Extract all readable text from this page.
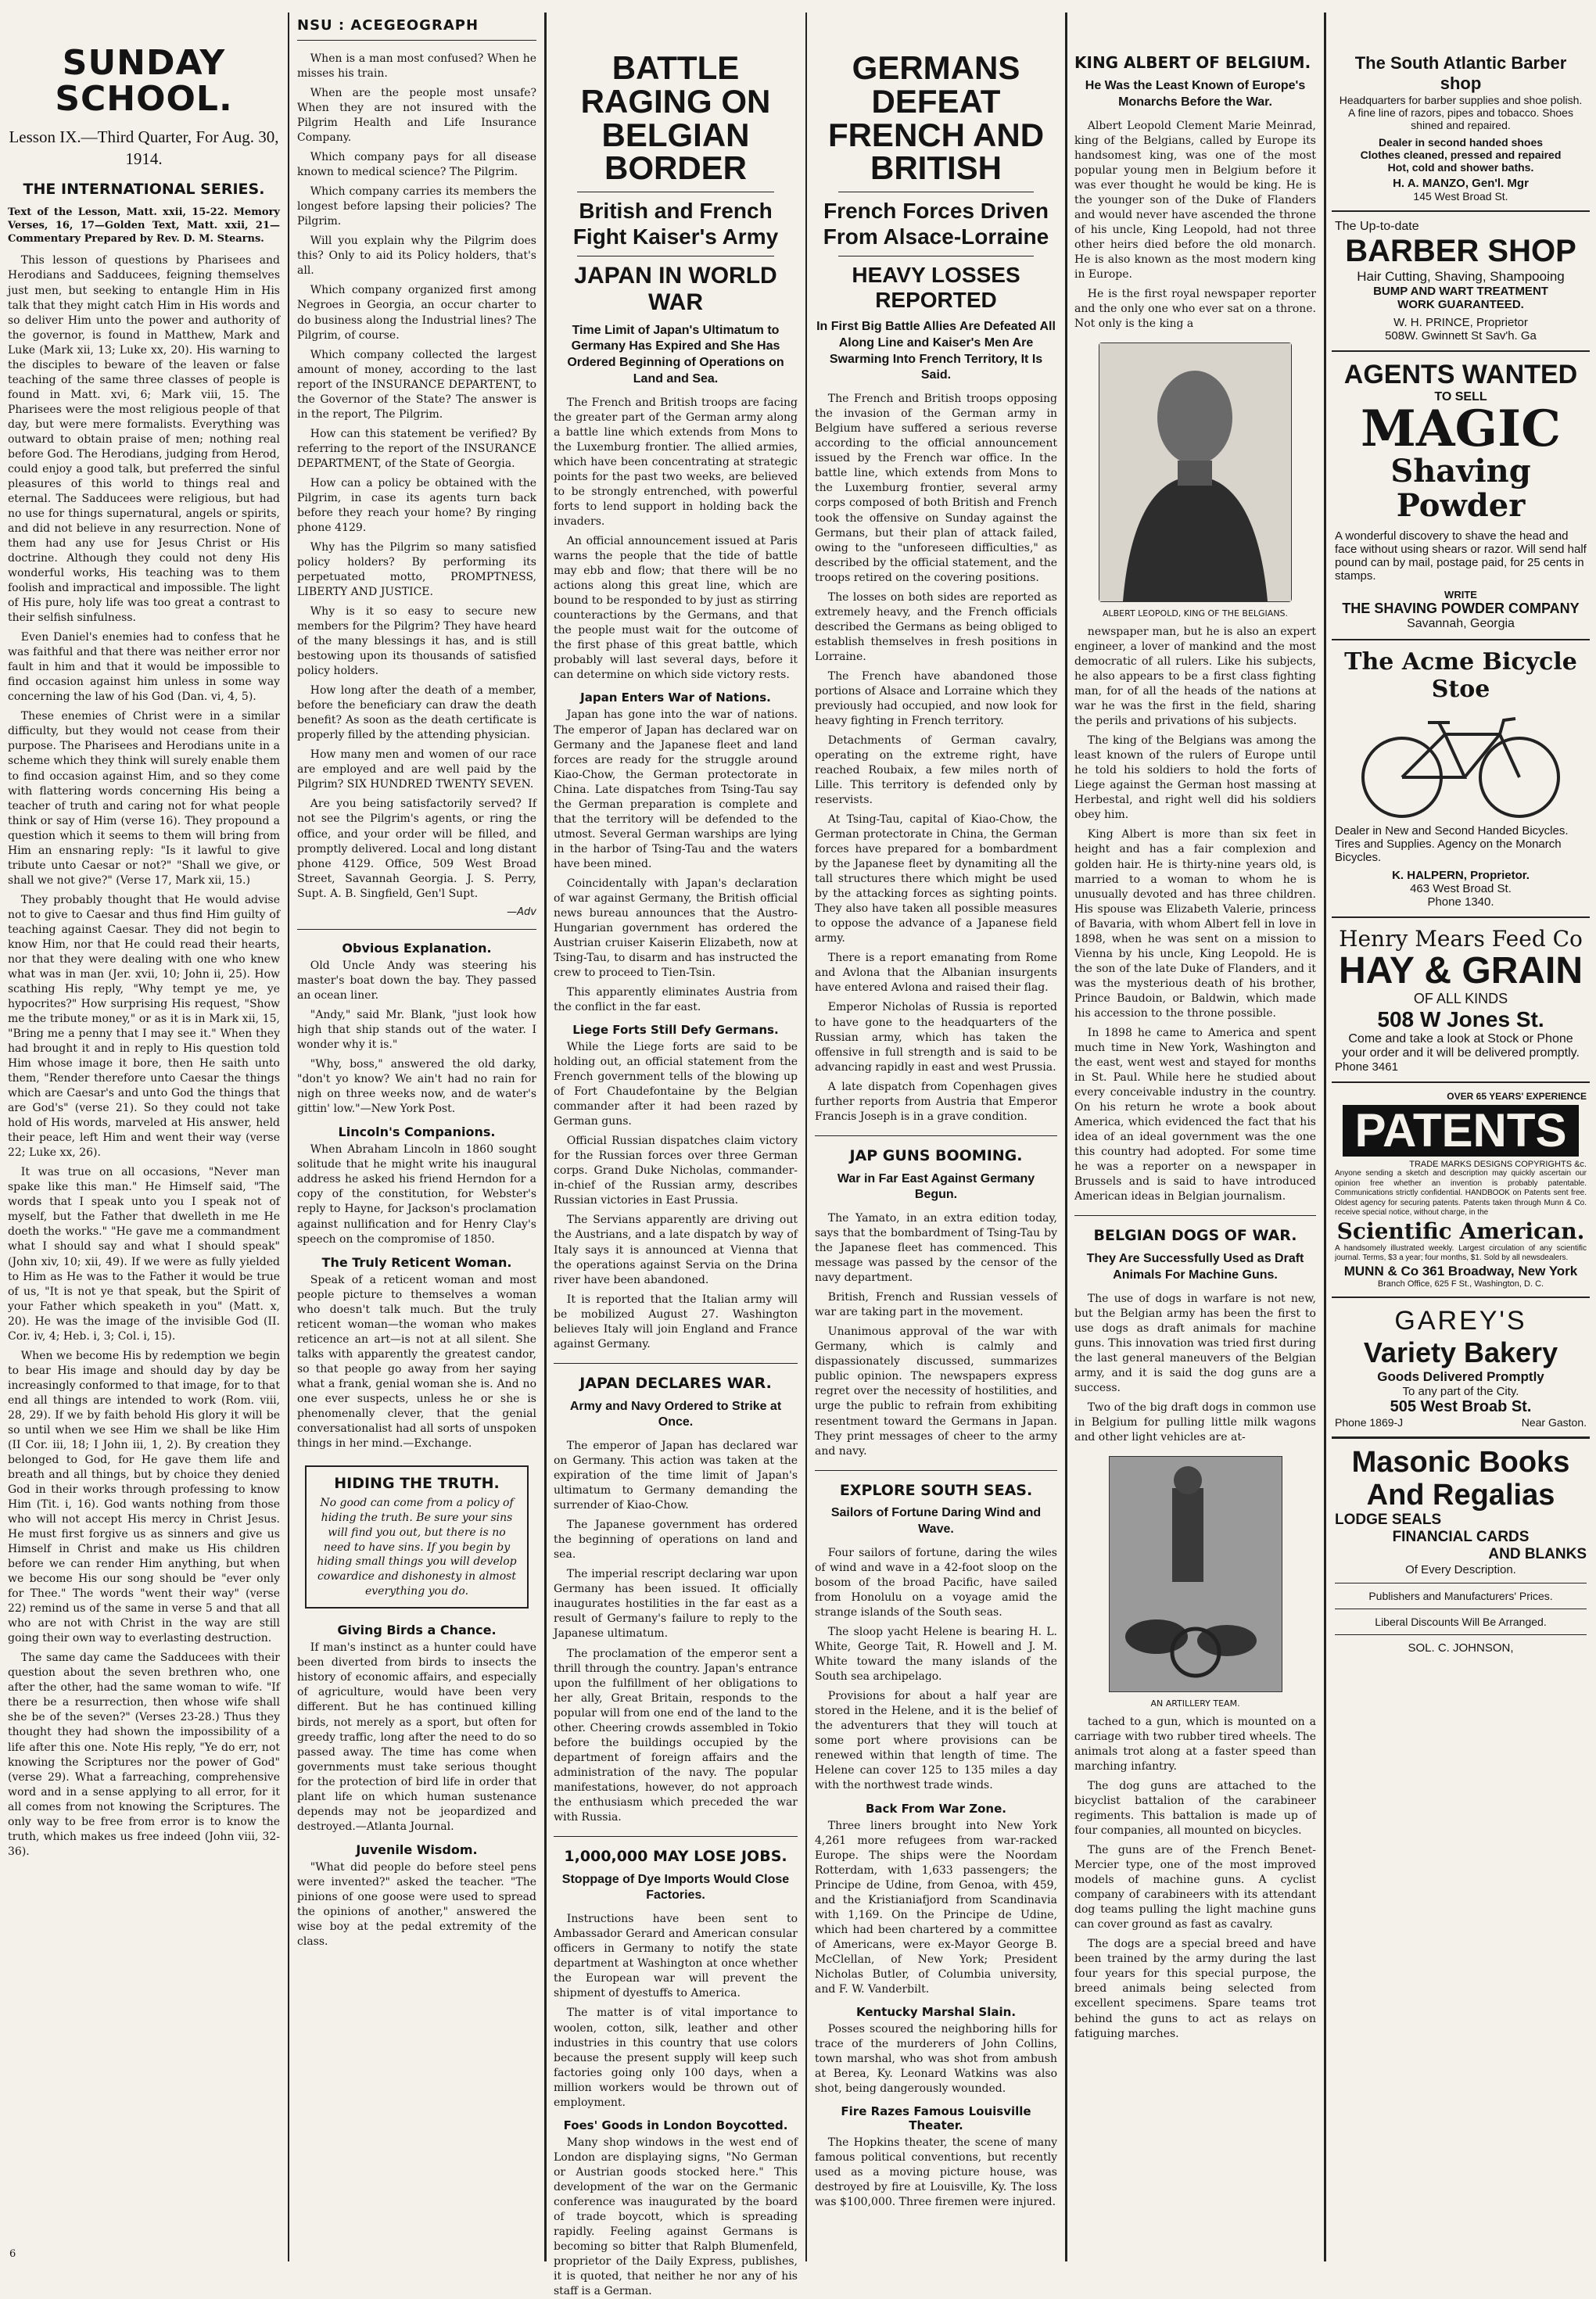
SUNDAY SCHOOL.
Lesson IX.—Third Quarter, For Aug. 30, 1914.
THE INTERNATIONAL SERIES.
Text of the Lesson, Matt. xxii, 15-22. Memory Verses, 16, 17—Golden Text, Matt. xxii, 21—Commentary Prepared by Rev. D. M. Stearns.

This lesson of questions by Pharisees and Herodians and Sadducees, feigning themselves just men, but seeking to entangle Him in His talk that they might catch Him in His words and so deliver Him unto the power and authority of the governor, is found in Matthew, Mark and Luke (Mark xii, 13; Luke xx, 20). His warning to the disciples to beware of the leaven or false teaching of the same three classes of people is found in Matt. xvi, 6; Mark viii, 15. The Pharisees were the most religious people of that day, but were mere formalists. Everything was outward to obtain praise of men; nothing real before God. The Herodians, judging from Herod, could enjoy a good talk, but preferred the sinful pleasures of this world to things real and eternal. The Sadducees were religious, but had no use for things supernatural, angels or spirits, and did not believe in any resurrection. None of them had any use for Jesus Christ or His doctrine. Although they could not deny His wonderful works, His teaching was to them foolish and impractical and impossible. The light of His pure, holy life was too great a contrast to their selfish sinfulness.

Even Daniel's enemies had to confess that he was faithful and that there was neither error nor fault in him and that it would be impossible to find occasion against him unless in some way concerning the law of his God (Dan. vi, 4, 5).

These enemies of Christ were in a similar difficulty, but they would not cease from their purpose. The Pharisees and Herodians unite in a scheme which they think will surely enable them to find occasion against Him, and so they come with flattering words concerning His being a teacher of truth and caring not for what people think or say of Him (verse 16). They propound a question which it seems to them will bring from Him an ensnaring reply: "Is it lawful to give tribute unto Caesar or not?" "Shall we give, or shall we not give?" (Verse 17, Mark xii, 15.)

They probably thought that He would advise not to give to Caesar and thus find Him guilty of teaching against Caesar. They did not begin to know Him, nor that He could read their hearts, nor that they were dealing with one who knew what was in man (Jer. xvii, 10; John ii, 25). How scathing His reply, "Why tempt ye me, ye hypocrites?" How surprising His request, "Show me the tribute money," or as it is in Mark xii, 15, "Bring me a penny that I may see it." When they had brought it and in reply to His question told Him whose image it bore, then He saith unto them, "Render therefore unto Caesar the things which are Caesar's and unto God the things that are God's" (verse 21). So they could not take hold of His words, marveled at His answer, held their peace, left Him and went their way (verse 22; Luke xx, 26).

It was true on all occasions, "Never man spake like this man." He Himself said, "The words that I speak unto you I speak not of myself, but the Father that dwelleth in me He doeth the works." "He gave me a commandment what I should say and what I should speak" (John xiv, 10; xii, 49). If we were as fully yielded to Him as He was to the Father it would be true of us, "It is not ye that speak, but the Spirit of your Father which speaketh in you" (Matt. x, 20). He was the image of the invisible God (II. Cor. iv, 4; Heb. i, 3; Col. i, 15).

When we become His by redemption we begin to bear His image and should day by day be increasingly conformed to that image, for to that end all things are intended to work (Rom. viii, 28, 29). If we by faith behold His glory it will be so until when we see Him we shall be like Him (II Cor. iii, 18; I John iii, 1, 2). By creation they belonged to God, for He gave them life and breath and all things, but by choice they denied God in their works through professing to know Him (Tit. i, 16). God wants nothing from those who will not accept His mercy in Christ Jesus. He must first forgive us as sinners and give us Himself in Christ and make us His children before we can render Him anything, but when we become His our song should be "ever only for Thee." The words "went their way" (verse 22) remind us of the same in verse 5 and that all who are not with Christ in the way are still going their own way to everlasting destruction.

The same day came the Sadducees with their question about the seven brethren who, one after the other, had the same woman to wife. "If there be a resurrection, then whose wife shall she be of the seven?" (Verses 23-28.) Thus they thought they had shown the impossibility of a life after this one. Note His reply, "Ye do err, not knowing the Scriptures nor the power of God" (verse 29). What a farreaching, comprehensive word and in a sense applying to all error, for it all comes from not knowing the Scriptures. The only way to be free from error is to know the truth, which makes us free indeed (John viii, 32-36).

6
NSU : ACEGEOGRAPH

When is a man most confused? When he misses his train.

When are the people most unsafe? When they are not insured with the Pilgrim Health and Life Insurance Company.

Which company pays for all disease known to medical science? The Pilgrim.

Which company carries its members the longest before lapsing their policies? The Pilgrim.

Will you explain why the Pilgrim does this? Only to aid its Policy holders, that's all.

Which company organized first among Negroes in Georgia, an occur charter to do business along the Industrial lines? The Pilgrim, of course.

Which company collected the largest amount of money, according to the last report of the INSURANCE DEPARTENT, to the Governor of the State? The answer is in the report, The Pilgrim.

How can this statement be verified? By referring to the report of the INSURANCE DEPARTMENT, of the State of Georgia.

How can a policy be obtained with the Pilgrim, in case its agents turn back before they reach your home? By ringing phone 4129.

Why has the Pilgrim so many satisfied policy holders? By performing its perpetuated motto, PROMPTNESS, LIBERTY AND JUSTICE.

Why is it so easy to secure new members for the Pilgrim? They have heard of the many blessings it has, and is still bestowing upon its thousands of satisfied policy holders.

How long after the death of a member, before the beneficiary can draw the death benefit? As soon as the death certificate is properly filled by the attending physician.

How many men and women of our race are employed and are well paid by the Pilgrim? SIX HUNDRED TWENTY SEVEN.

Are you being satisfactorily served? If not see the Pilgrim's agents, or ring the office, and your order will be filled, and promptly delivered. Local and long distant phone 4129. Office, 509 West Broad Street, Savannah Georgia. J. S. Perry, Supt. A. B. Singfield, Gen'l Supt.

—Adv
Obvious Explanation.

Old Uncle Andy was steering his master's boat down the bay. They passed an ocean liner.

"Andy," said Mr. Blank, "just look how high that ship stands out of the water. I wonder why it is."

"Why, boss," answered the old darky, "don't yo know? We ain't had no rain for nigh on three weeks now, and de water's gittin' low."—New York Post.

Lincoln's Companions.

When Abraham Lincoln in 1860 sought solitude that he might write his inaugural address he asked his friend Herndon for a copy of the constitution, for Webster's reply to Hayne, for Jackson's proclamation against nullification and for Henry Clay's speech on the compromise of 1850.

The Truly Reticent Woman.

Speak of a reticent woman and most people picture to themselves a woman who doesn't talk much. But the truly reticent woman—the woman who makes reticence an art—is not at all silent. She talks with apparently the greatest candor, so that people go away from her saying what a frank, genial woman she is. And no one ever suspects, unless he or she is phenomenally clever, that the genial conversationalist had all sorts of unspoken things in her mind.—Exchange.

HIDING THE TRUTH.
No good can come from a policy of hiding the truth. Be sure your sins will find you out, but there is no need to have sins. If you begin by hiding small things you will develop cowardice and dishonesty in almost everything you do.
Giving Birds a Chance.

If man's instinct as a hunter could have been diverted from birds to insects the history of economic affairs, and especially of agriculture, would have been very different. But he has continued killing birds, not merely as a sport, but often for greedy traffic, long after the need to do so passed away. The time has come when governments must take serious thought for the protection of bird life in order that plant life on which human sustenance depends may not be jeopardized and destroyed.—Atlanta Journal.

Juvenile Wisdom.

"What did people do before steel pens were invented?" asked the teacher. "The pinions of one goose were used to spread the opinions of another," answered the wise boy at the pedal extremity of the class.

BATTLE RAGING ON BELGIAN BORDER
British and French Fight Kaiser's Army
JAPAN IN WORLD WAR
Time Limit of Japan's Ultimatum to Germany Has Expired and She Has Ordered Beginning of Operations on Land and Sea.

The French and British troops are facing the greater part of the German army along a battle line which extends from Mons to the Luxemburg frontier. The allied armies, which have been concentrating at strategic points for the past two weeks, are believed to be strongly entrenched, with powerful forts to lend support in holding back the invaders.

An official announcement issued at Paris warns the people that the tide of battle may ebb and flow; that there will be no actions along this great line, which are bound to be responded to by just as stirring counteractions by the Germans, and that the people must wait for the outcome of the first phase of this great battle, which probably will last several days, before it can determine on which side victory rests.

Japan Enters War of Nations.

Japan has gone into the war of nations. The emperor of Japan has declared war on Germany and the Japanese fleet and land forces are ready for the struggle around Kiao-Chow, the German protectorate in China. Late dispatches from Tsing-Tau say the German preparation is complete and that the territory will be defended to the utmost. Several German warships are lying in the harbor of Tsing-Tau and the waters have been mined.

Coincidentally with Japan's declaration of war against Germany, the British official news bureau announces that the Austro-Hungarian government has ordered the Austrian cruiser Kaiserin Elizabeth, now at Tsing-Tau, to disarm and has instructed the crew to proceed to Tien-Tsin.

This apparently eliminates Austria from the conflict in the far east.

Liege Forts Still Defy Germans.

While the Liege forts are said to be holding out, an official statement from the French government tells of the blowing up of Fort Chaudefontaine by the Belgian commander after it had been razed by German guns.

Official Russian dispatches claim victory for the Russian forces over three German corps. Grand Duke Nicholas, commander-in-chief of the Russian army, describes Russian victories in East Prussia.

The Servians apparently are driving out the Austrians, and a late dispatch by way of Italy says it is announced at Vienna that the operations against Servia on the Drina river have been abandoned.

It is reported that the Italian army will be mobilized August 27. Washington believes Italy will join England and France against Germany.

JAPAN DECLARES WAR.
Army and Navy Ordered to Strike at Once.

The emperor of Japan has declared war on Germany. This action was taken at the expiration of the time limit of Japan's ultimatum to Germany demanding the surrender of Kiao-Chow.

The Japanese government has ordered the beginning of operations on land and sea.

The imperial rescript declaring war upon Germany has been issued. It officially inaugurates hostilities in the far east as a result of Germany's failure to reply to the Japanese ultimatum.

The proclamation of the emperor sent a thrill through the country. Japan's entrance upon the fulfillment of her obligations to her ally, Great Britain, responds to the popular will from one end of the land to the other. Cheering crowds assembled in Tokio before the buildings occupied by the department of foreign affairs and the administration of the navy. The popular manifestations, however, do not approach the enthusiasm which preceded the war with Russia.

1,000,000 MAY LOSE JOBS.
Stoppage of Dye Imports Would Close Factories.

Instructions have been sent to Ambassador Gerard and American consular officers in Germany to notify the state department at Washington at once whether the European war will prevent the shipment of dyestuffs to America.

The matter is of vital importance to woolen, cotton, silk, leather and other industries in this country that use colors because the present supply will keep such factories going only 100 days, when a million workers would be thrown out of employment.

Foes' Goods in London Boycotted.

Many shop windows in the west end of London are displaying signs, "No German or Austrian goods stocked here." This development of the war on the Germanic conference was inaugurated by the board of trade boycott, which is spreading rapidly. Feeling against Germans is becoming so bitter that Ralph Blumenfeld, proprietor of the Daily Express, publishes, it is quoted, that neither he nor any of his staff is a German.

GERMANS DEFEAT FRENCH AND BRITISH
French Forces Driven From Alsace-Lorraine
HEAVY LOSSES REPORTED
In First Big Battle Allies Are Defeated All Along Line and Kaiser's Men Are Swarming Into French Territory, It Is Said.

The French and British troops opposing the invasion of the German army in Belgium have suffered a serious reverse according to the official announcement issued by the French war office. In the battle line, which extends from Mons to the Luxemburg frontier, several army corps composed of both British and French took the offensive on Sunday against the Germans, but their plan of attack failed, owing to the "unforeseen difficulties," as described by the official statement, and the troops retired on the covering positions.

The losses on both sides are reported as extremely heavy, and the French officials described the Germans as being obliged to establish themselves in fresh positions in Lorraine.

The French have abandoned those portions of Alsace and Lorraine which they previously had occupied, and now look for heavy fighting in French territory.

Detachments of German cavalry, operating on the extreme right, have reached Roubaix, a few miles north of Lille. This territory is defended only by reservists.

At Tsing-Tau, capital of Kiao-Chow, the German protectorate in China, the German forces have prepared for a bombardment by the Japanese fleet by dynamiting all the tall structures there which might be used by the attacking forces as sighting points. They also have taken all possible measures to oppose the advance of a Japanese field army.

There is a report emanating from Rome and Avlona that the Albanian insurgents have entered Avlona and raised their flag.

Emperor Nicholas of Russia is reported to have gone to the headquarters of the Russian army, which has taken the offensive in full strength and is said to be advancing rapidly in east and west Prussia.

A late dispatch from Copenhagen gives further reports from Austria that Emperor Francis Joseph is in a grave condition.

JAP GUNS BOOMING.
War in Far East Against Germany Begun.

The Yamato, in an extra edition today, says that the bombardment of Tsing-Tau by the Japanese fleet has commenced. This message was passed by the censor of the navy department.

British, French and Russian vessels of war are taking part in the movement.

Unanimous approval of the war with Germany, which is calmly and dispassionately discussed, summarizes public opinion. The newspapers express regret over the necessity of hostilities, and urge the public to refrain from exhibiting resentment toward the Germans in Japan. They print messages of cheer to the army and navy.

EXPLORE SOUTH SEAS.
Sailors of Fortune Daring Wind and Wave.

Four sailors of fortune, daring the wiles of wind and wave in a 42-foot sloop on the bosom of the broad Pacific, have sailed from Honolulu on a voyage amid the strange islands of the South seas.

The sloop yacht Helene is bearing H. L. White, George Tait, R. Howell and J. M. White toward the many islands of the South sea archipelago.

Provisions for about a half year are stored in the Helene, and it is the belief of the adventurers that they will touch at some port where provisions can be renewed within that length of time. The Helene can cover 125 to 135 miles a day with the northwest trade winds.

Back From War Zone.

Three liners brought into New York 4,261 more refugees from war-racked Europe. The ships were the Noordam Rotterdam, with 1,633 passengers; the Principe de Udine, from Genoa, with 459, and the Kristianiafjord from Scandinavia with 1,169. On the Principe de Udine, which had been chartered by a committee of Americans, were ex-Mayor George B. McClellan, of New York; President Nicholas Butler, of Columbia university, and F. W. Vanderbilt.

Kentucky Marshal Slain.

Posses scoured the neighboring hills for trace of the murderers of John Collins, town marshal, who was shot from ambush at Berea, Ky. Leonard Watkins was also shot, being dangerously wounded.

Fire Razes Famous Louisville Theater.

The Hopkins theater, the scene of many famous political conventions, but recently used as a moving picture house, was destroyed by fire at Louisville, Ky. The loss was $100,000. Three firemen were injured.

KING ALBERT OF BELGIUM.
He Was the Least Known of Europe's Monarchs Before the War.

Albert Leopold Clement Marie Meinrad, king of the Belgians, called by Europe its handsomest king, was one of the most popular young men in Belgium before it was ever thought he would be king. He is the younger son of the Duke of Flanders and would never have ascended the throne of his uncle, King Leopold, had not three other heirs died before the old monarch. He is also known as the most modern king in Europe.

He is the first royal newspaper reporter and the only one who ever sat on a throne. Not only is the king a

ALBERT LEOPOLD, KING OF THE BELGIANS.

newspaper man, but he is also an expert engineer, a lover of mankind and the most democratic of all rulers. Like his subjects, he also appears to be a first class fighting man, for of all the heads of the nations at war he was the first in the field, sharing the perils and privations of his subjects.

The king of the Belgians was among the least known of the rulers of Europe until he told his soldiers to hold the forts of Liege against the German host massing at Herbestal, and right well did his soldiers obey him.

King Albert is more than six feet in height and has a fair complexion and golden hair. He is thirty-nine years old, is married to a woman to whom he is unusually devoted and has three children. His spouse was Elizabeth Valerie, princess of Bavaria, with whom Albert fell in love in 1898, when he was sent on a mission to Vienna by his uncle, King Leopold. He is the son of the late Duke of Flanders, and it was the mysterious death of his brother, Prince Baudoin, or Baldwin, which made his accession to the throne possible.

In 1898 he came to America and spent much time in New York, Washington and the east, went west and stayed for months in St. Paul. While here he studied about every conceivable industry in the country. On his return he wrote a book about America, which evidenced the fact that his idea of an ideal government was the one this country had adopted. For some time he was a reporter on a newspaper in Brussels and is said to have introduced American ideas in Belgian journalism.

BELGIAN DOGS OF WAR.
They Are Successfully Used as Draft Animals For Machine Guns.

The use of dogs in warfare is not new, but the Belgian army has been the first to use dogs as draft animals for machine guns. This innovation was tried first during the last general maneuvers of the Belgian army, and it is said the dog guns are a success.

Two of the big draft dogs in common use in Belgium for pulling little milk wagons and other light vehicles are at-

AN ARTILLERY TEAM.

tached to a gun, which is mounted on a carriage with two rubber tired wheels. The animals trot along at a faster speed than marching infantry.

The dog guns are attached to the bicyclist battalion of the carabineer regiments. This battalion is made up of four companies, all mounted on bicycles.

The guns are of the French Benet-Mercier type, one of the most improved models of machine guns. A cyclist company of carabineers with its attendant dog teams pulling the light machine guns can cover ground as fast as cavalry.

The dogs are a special breed and have been trained by the army during the last four years for this special purpose, the breed animals being selected from excellent specimens. Spare teams trot behind the guns to act as relays on fatiguing marches.

The South Atlantic Barber shop
Headquarters for barber supplies and shoe polish. A fine line of razors, pipes and tobacco. Shoes shined and repaired.
Dealer in second handed shoes
Clothes cleaned, pressed and repaired
Hot, cold and shower baths.
H. A. MANZO, Gen'l. Mgr
145 West Broad St.
The Up-to-date
BARBER SHOP
Hair Cutting, Shaving, Shampooing
BUMP AND WART TREATMENT
WORK GUARANTEED.
W. H. PRINCE, Proprietor
508W. Gwinnett St Sav'h. Ga
AGENTS WANTED
TO SELL
MAGIC
Shaving Powder
A wonderful discovery to shave the head and face without using shears or razor. Will send half pound can by mail, postage paid, for 25 cents in stamps.
WRITE
THE SHAVING POWDER COMPANY
Savannah, Georgia
The Acme Bicycle Stoe
Dealer in New and Second Handed Bicycles. Tires and Supplies. Agency on the Monarch Bicycles.
K. HALPERN, Proprietor.
463 West Broad St.
Phone 1340.
Henry Mears Feed Co
HAY & GRAIN
OF ALL KINDS
508 W Jones St.
Come and take a look at Stock or Phone your order and it will be delivered promptly.
Phone 3461
OVER 65 YEARS' EXPERIENCE
PATENTS
TRADE MARKS DESIGNS COPYRIGHTS &c.
Anyone sending a sketch and description may quickly ascertain our opinion free whether an invention is probably patentable. Communications strictly confidential. HANDBOOK on Patents sent free. Oldest agency for securing patents. Patents taken through Munn & Co. receive special notice, without charge, in the
Scientific American.
A handsomely illustrated weekly. Largest circulation of any scientific journal. Terms, $3 a year; four months, $1. Sold by all newsdealers.
MUNN & Co 361 Broadway, New York
Branch Office, 625 F St., Washington, D. C.
GAREY'S
Variety Bakery
Goods Delivered Promptly
To any part of the City.
505 West Broab St.
Phone 1869-J	Near Gaston.
Masonic Books
And Regalias
LODGE SEALS
FINANCIAL CARDS
AND BLANKS
Of Every Description.
Publishers and Manufacturers' Prices.
Liberal Discounts Will Be Arranged.
SOL. C. JOHNSON,
